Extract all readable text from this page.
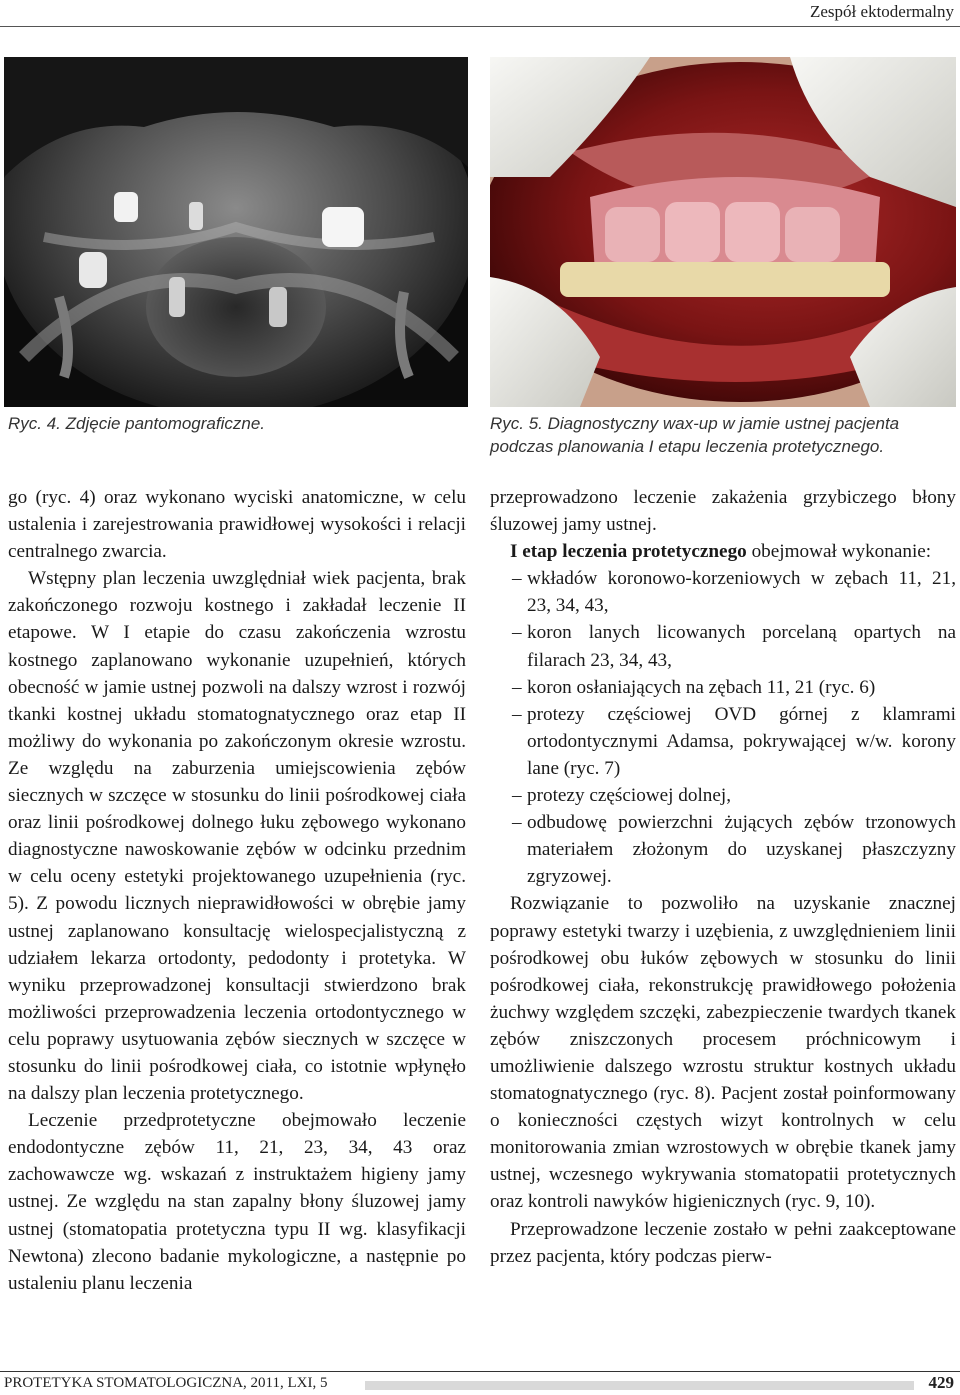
Zespół ektodermalny
Ryc. 4. Zdjęcie pantomograficzne.	Ryc. 5. Diagnostyczny wax-up w jamie ustnej pacjenta
podczas planowania I etapu leczenia protetycznego.

go (ryc. 4) oraz wykonano wyciski anatomiczne, w celu ustalenia i zarejestrowania prawidłowej wysokości i relacji centralnego zwarcia.

Wstępny plan leczenia uwzględniał wiek pacjenta, brak zakończonego rozwoju kostnego i zakładał leczenie II etapowe. W I etapie do czasu zakończenia wzrostu kostnego zaplanowano wykonanie uzupełnień, których obecność w jamie ustnej pozwoli na dalszy wzrost i rozwój tkanki kostnej układu stomatognatycznego oraz etap II możliwy do wykonania po zakończonym okresie wzrostu. Ze względu na zaburzenia umiejscowienia zębów siecznych w szczęce w stosunku do linii pośrodkowej ciała oraz linii pośrodkowej dolnego łuku zębowego wykonano diagnostyczne nawoskowanie zębów w odcinku przednim w celu oceny estetyki projektowanego uzupełnienia (ryc. 5). Z powodu licznych nieprawidłowości w obrębie jamy ustnej zaplanowano konsultację wielospecjalistyczną z udziałem lekarza ortodonty, pedodonty i protetyka. W wyniku przeprowadzonej konsultacji stwierdzono brak możliwości przeprowadzenia leczenia ortodontycznego w celu poprawy usytuowania zębów siecznych w szczęce w stosunku do linii pośrodkowej ciała, co istotnie wpłynęło na dalszy plan leczenia protetycznego.

Leczenie przedprotetyczne obejmowało leczenie endodontyczne zębów 11, 21, 23, 34, 43 oraz zachowawcze wg. wskazań z instruktażem higieny jamy ustnej. Ze względu na stan zapalny błony śluzowej jamy ustnej (stomatopatia protetyczna typu II wg. klasyfikacji Newtona) zlecono badanie mykologiczne, a następnie po ustaleniu planu leczenia

przeprowadzono leczenie zakażenia grzybiczego błony śluzowej jamy ustnej.

I etap leczenia protetycznego obejmował wykonanie:

– wkładów koronowo-korzeniowych w zębach 11, 21, 23, 34, 43,
– koron lanych licowanych porcelaną opartych na filarach 23, 34, 43,
– koron osłaniających na zębach 11, 21 (ryc. 6)
– protezy częściowej OVD górnej z klamrami ortodontycznymi Adamsa, pokrywającej w/w. korony lane (ryc. 7)
– protezy częściowej dolnej,
– odbudowę powierzchni żujących zębów trzonowych materiałem złożonym do uzyskanej płaszczyzny zgryzowej.

Rozwiązanie to pozwoliło na uzyskanie znacznej poprawy estetyki twarzy i uzębienia, z uwzględnieniem linii pośrodkowej obu łuków zębowych w stosunku do linii pośrodkowej ciała, rekonstrukcję prawidłowego położenia żuchwy względem szczęki, zabezpieczenie twardych tkanek zębów zniszczonych procesem próchnicowym i umożliwienie dalszego wzrostu struktur kostnych układu stomatognatycznego (ryc. 8). Pacjent został poinformowany o konieczności częstych wizyt kontrolnych w celu monitorowania zmian wzrostowych w obrębie tkanek jamy ustnej, wczesnego wykrywania stomatopatii protetycznych oraz kontroli nawyków higienicznych (ryc. 9, 10).

Przeprowadzone leczenie zostało w pełni zaakceptowane przez pacjenta, który podczas pierw-

PROTETYKA STOMATOLOGICZNA, 2011, LXI, 5	429
